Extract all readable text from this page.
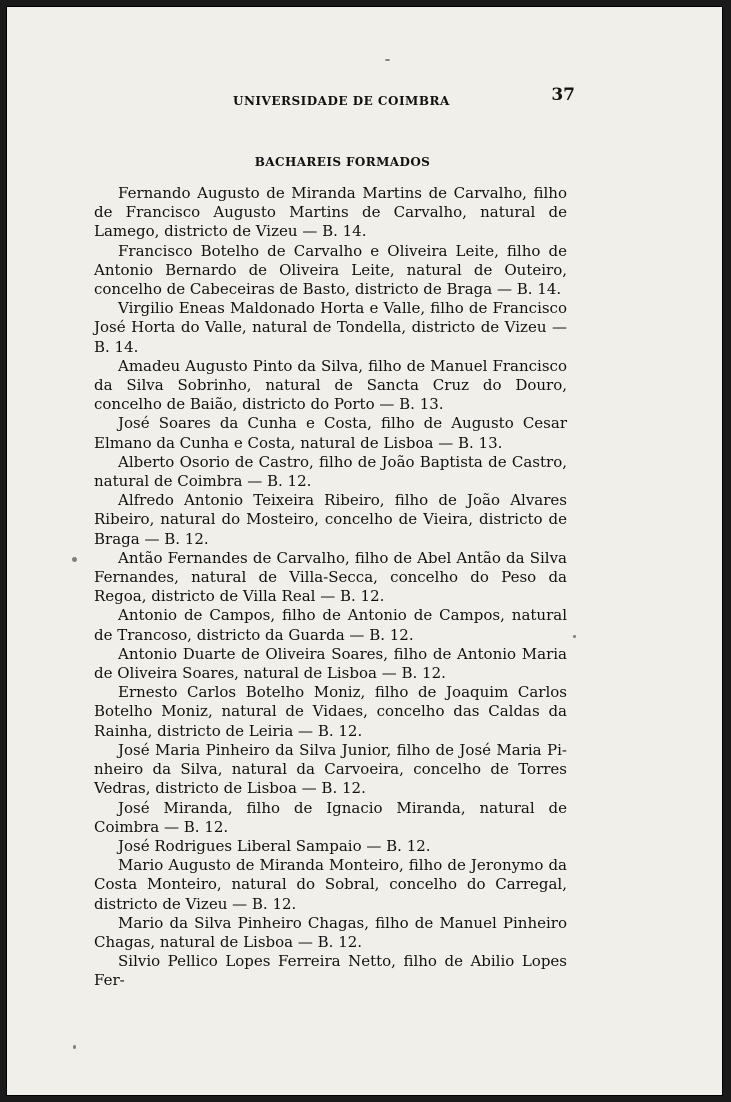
UNIVERSIDADE DE COIMBRA	37
BACHAREIS FORMADOS

Fernando Augusto de Miranda Martins de Carvalho, filho de Francisco Augusto Martins de Carvalho, natural de Lamego, districto de Vizeu — B. 14.

Francisco Botelho de Carvalho e Oliveira Leite, filho de Antonio Bernardo de Oliveira Leite, natural de Outeiro, concelho de Cabeceiras de Basto, districto de Braga — B. 14.

Virgilio Eneas Maldonado Horta e Valle, filho de Francisco José Horta do Valle, natural de Tondella, districto de Vizeu — B. 14.

Amadeu Augusto Pinto da Silva, filho de Manuel Francisco da Silva Sobrinho, natural de Sancta Cruz do Douro, concelho de Baião, districto do Porto — B. 13.

José Soares da Cunha e Costa, filho de Augusto Cesar Elmano da Cunha e Costa, natural de Lisboa — B. 13.

Alberto Osorio de Castro, filho de João Baptista de Castro, natural de Coimbra — B. 12.

Alfredo Antonio Teixeira Ribeiro, filho de João Alvares Ribeiro, natural do Mosteiro, concelho de Vieira, districto de Braga — B. 12.

Antão Fernandes de Carvalho, filho de Abel Antão da Silva Fernandes, natural de Villa-Secca, concelho do Peso da Regoa, districto de Villa Real — B. 12.

Antonio de Campos, filho de Antonio de Campos, natural de Trancoso, districto da Guarda — B. 12.

Antonio Duarte de Oliveira Soares, filho de Antonio Maria de Oliveira Soares, natural de Lisboa — B. 12.

Ernesto Carlos Botelho Moniz, filho de Joaquim Carlos Botelho Moniz, natural de Vidaes, concelho das Caldas da Rainha, districto de Leiria — B. 12.

José Maria Pinheiro da Silva Junior, filho de José Maria Pinheiro da Silva, natural da Carvoeira, concelho de Torres Vedras, districto de Lisboa — B. 12.

José Miranda, filho de Ignacio Miranda, natural de Coimbra — B. 12.

José Rodrigues Liberal Sampaio — B. 12.

Mario Augusto de Miranda Monteiro, filho de Jeronymo da Costa Monteiro, natural do Sobral, concelho do Carregal, districto de Vizeu — B. 12.

Mario da Silva Pinheiro Chagas, filho de Manuel Pinheiro Chagas, natural de Lisboa — B. 12.

Silvio Pellico Lopes Ferreira Netto, filho de Abilio Lopes Fer-
